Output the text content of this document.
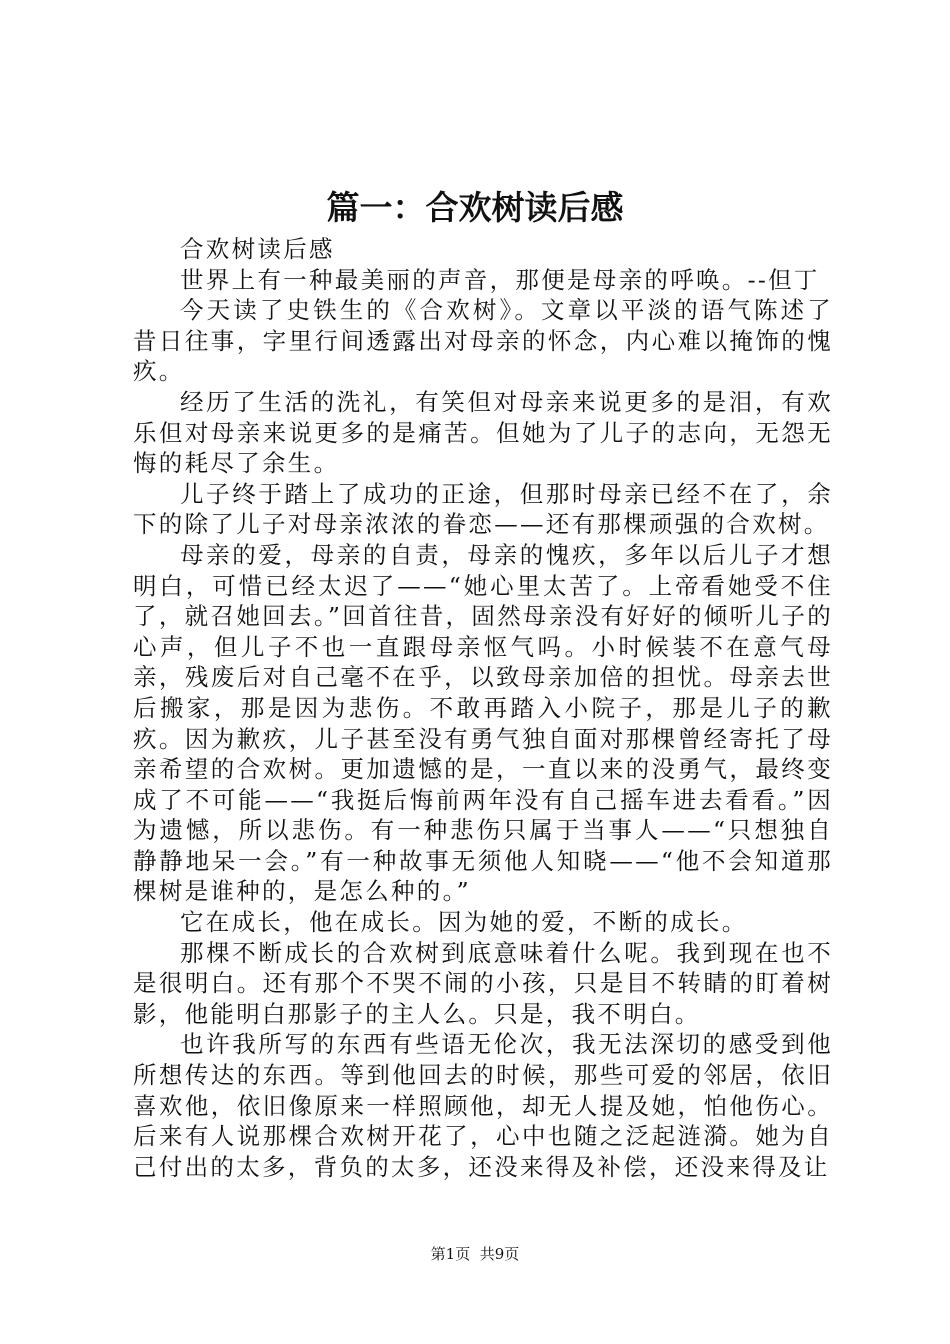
篇一：合欢树读后感

合欢树读后感

世界上有一种最美丽的声音，那便是母亲的呼唤。--但丁

今天读了史铁生的《合欢树》。文章以平淡的语气陈述了昔日往事，字里行间透露出对母亲的怀念，内心难以掩饰的愧疚。

经历了生活的洗礼，有笑但对母亲来说更多的是泪，有欢乐但对母亲来说更多的是痛苦。但她为了儿子的志向，无怨无悔的耗尽了余生。

儿子终于踏上了成功的正途，但那时母亲已经不在了，余下的除了儿子对母亲浓浓的眷恋——还有那棵顽强的合欢树。

母亲的爱，母亲的自责，母亲的愧疚，多年以后儿子才想明白，可惜已经太迟了——“她心里太苦了。上帝看她受不住了，就召她回去。”回首往昔，固然母亲没有好好的倾听儿子的心声，但儿子不也一直跟母亲怄气吗。小时候装不在意气母亲，残废后对自己毫不在乎，以致母亲加倍的担忧。母亲去世后搬家，那是因为悲伤。不敢再踏入小院子，那是儿子的歉疚。因为歉疚，儿子甚至没有勇气独自面对那棵曾经寄托了母亲希望的合欢树。更加遗憾的是，一直以来的没勇气，最终变成了不可能——“我挺后悔前两年没有自己摇车进去看看。”因为遗憾，所以悲伤。有一种悲伤只属于当事人——“只想独自静静地呆一会。”有一种故事无须他人知晓——“他不会知道那棵树是谁种的，是怎么种的。”

它在成长，他在成长。因为她的爱，不断的成长。

那棵不断成长的合欢树到底意味着什么呢。我到现在也不是很明白。还有那个不哭不闹的小孩，只是目不转睛的盯着树影，他能明白那影子的主人么。只是，我不明白。

也许我所写的东西有些语无伦次，我无法深切的感受到他所想传达的东西。等到他回去的时候，那些可爱的邻居，依旧喜欢他，依旧像原来一样照顾他，却无人提及她，怕他伤心。后来有人说那棵合欢树开花了，心中也随之泛起涟漪。她为自己付出的太多，背负的太多，还没来得及补偿，还没来得及让

第1页 共9页
